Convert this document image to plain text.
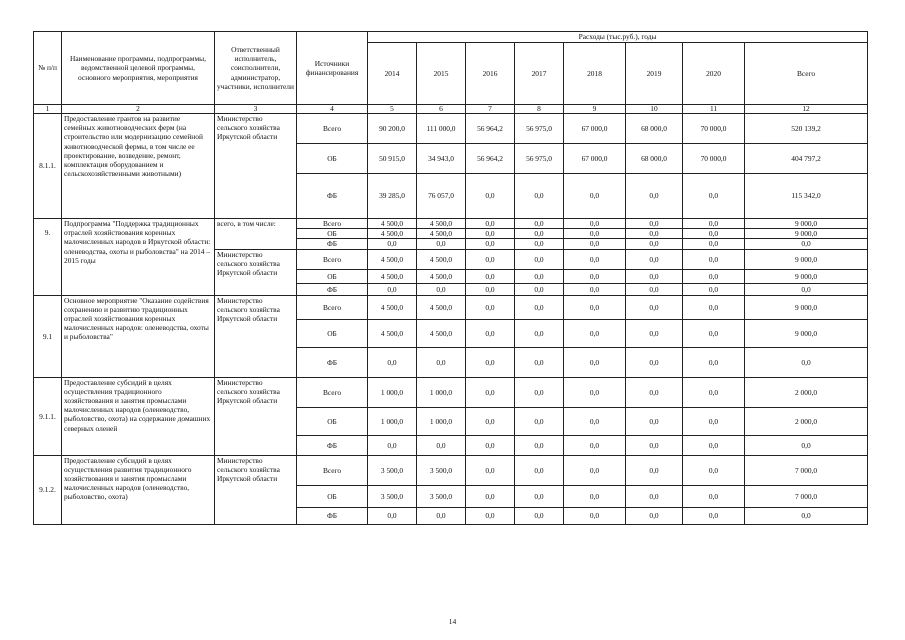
№ п/п	Наименование программы, подпрограммы, ведомственной целевой программы, основного мероприятия, мероприятия	Ответственный исполнитель, соисполнители, администратор, участники, исполнители	Источники финансирования	Расходы (тыс.руб.), годы							
				2014	2015	2016	2017	2018	2019	2020	Всего
1	2	3	4	5	6	7	8	9	10	11	12
8.1.1.	Предоставление грантов на развитие семейных животноводческих ферм (на строительство или модернизацию семейной животноводческой фермы, в том числе ее проектирование, возведение, ремонт, комплектация оборудованием и сельскохозяйственными животными)	Министерство сельского хозяйства Иркутской области	Всего	90 200,0	111 000,0	56 964,2	56 975,0	67 000,0	68 000,0	70 000,0	520 139,2
			ОБ	50 915,0	34 943,0	56 964,2	56 975,0	67 000,0	68 000,0	70 000,0	404 797,2
			ФБ	39 285,0	76 057,0	0,0	0,0	0,0	0,0	0,0	115 342,0
9.	Подпрограмма "Поддержка традиционных отраслей хозяйствования коренных малочисленных народов в Иркутской области: оленеводства, охоты и рыболовства" на 2014 – 2015 годы	всего, в том числе:	Всего	4 500,0	4 500,0	0,0	0,0	0,0	0,0	0,0	9 000,0
			ОБ	4 500,0	4 500,0	0,0	0,0	0,0	0,0	0,0	9 000,0
			ФБ	0,0	0,0	0,0	0,0	0,0	0,0	0,0	0,0
		Министерство сельского хозяйства Иркутской области	Всего	4 500,0	4 500,0	0,0	0,0	0,0	0,0	0,0	9 000,0
			ОБ	4 500,0	4 500,0	0,0	0,0	0,0	0,0	0,0	9 000,0
			ФБ	0,0	0,0	0,0	0,0	0,0	0,0	0,0	0,0
9.1	Основное мероприятие "Оказание содействия сохранению и развитию традиционных отраслей хозяйствования коренных малочисленных народов: оленеводства, охоты и рыболовства"	Министерство сельского хозяйства Иркутской области	Всего	4 500,0	4 500,0	0,0	0,0	0,0	0,0	0,0	9 000,0
			ОБ	4 500,0	4 500,0	0,0	0,0	0,0	0,0	0,0	9 000,0
			ФБ	0,0	0,0	0,0	0,0	0,0	0,0	0,0	0,0
9.1.1.	Предоставление субсидий в целях осуществления традиционного хозяйствования и занятия промыслами малочисленных народов (оленеводство, рыболовство, охота) на содержание домашних северных оленей	Министерство сельского хозяйства Иркутской области	Всего	1 000,0	1 000,0	0,0	0,0	0,0	0,0	0,0	2 000,0
			ОБ	1 000,0	1 000,0	0,0	0,0	0,0	0,0	0,0	2 000,0
			ФБ	0,0	0,0	0,0	0,0	0,0	0,0	0,0	0,0
9.1.2.	Предоставление субсидий в целях осуществления развития традиционного хозяйствования и занятия промыслами малочисленных народов (оленеводство, рыболовство, охота)	Министерство сельского хозяйства Иркутской области	Всего	3 500,0	3 500,0	0,0	0,0	0,0	0,0	0,0	7 000,0
			ОБ	3 500,0	3 500,0	0,0	0,0	0,0	0,0	0,0	7 000,0
			ФБ	0,0	0,0	0,0	0,0	0,0	0,0	0,0	0,0
14
